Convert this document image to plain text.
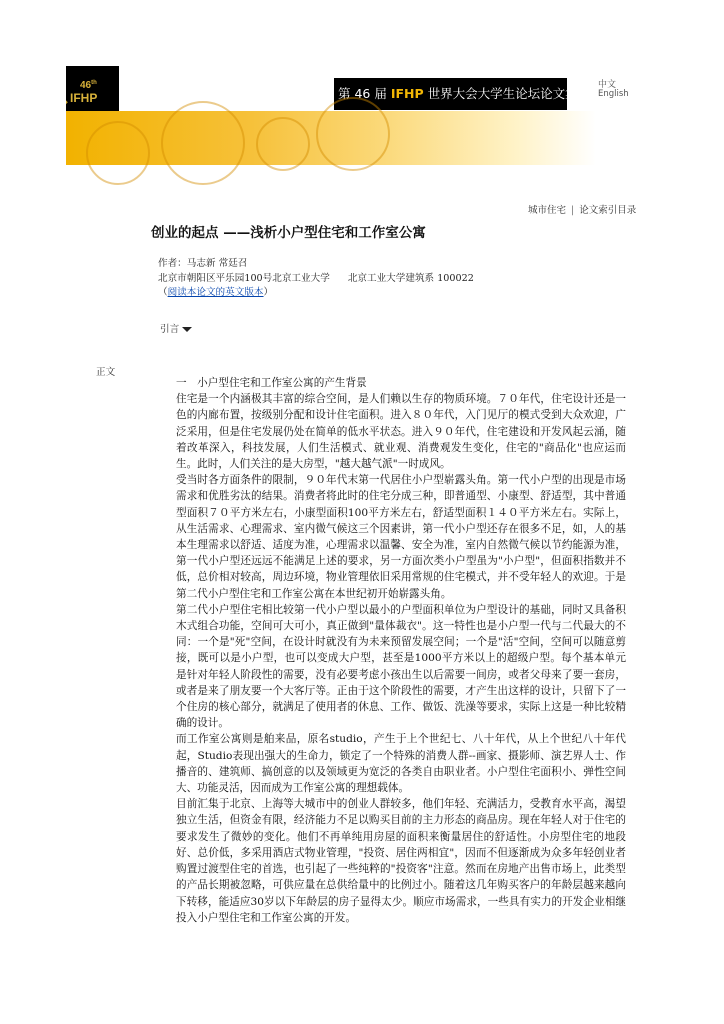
46th
IFHP	第 46 届 IFHP 世界大会大学生论坛论文集
中文
English
城市住宅 | 论文索引目录
创业的起点 ——浅析小户型住宅和工作室公寓
作者：马志新 常廷召
北京市朝阳区平乐园100号北京工业大学 北京工业大学建筑系 100022
（阅读本论文的英文版本）
引言
正文

一　小户型住宅和工作室公寓的产生背景

住宅是一个内涵极其丰富的综合空间，是人们赖以生存的物质环境。７０年代，住宅设计还是一色的内廊布置，按级别分配和设计住宅面积。进入８０年代，入门见厅的模式受到大众欢迎，广泛采用，但是住宅发展仍处在简单的低水平状态。进入９０年代，住宅建设和开发风起云涌，随着改革深入，科技发展，人们生活模式、就业观、消费观发生变化，住宅的"商品化"也应运而生。此时，人们关注的是大房型，"越大越气派"一时成风。

受当时各方面条件的限制，９０年代末第一代居住小户型崭露头角。第一代小户型的出现是市场需求和优胜劣汰的结果。消费者将此时的住宅分成三种，即普通型、小康型、舒适型，其中普通型面积７０平方米左右，小康型面积100平方米左右，舒适型面积１４０平方米左右。实际上，从生活需求、心理需求、室内微气候这三个因素讲，第一代小户型还存在很多不足，如，人的基本生理需求以舒适、适度为准，心理需求以温馨、安全为准，室内自然微气候以节约能源为准，第一代小户型还远远不能满足上述的要求，另一方面次类小户型虽为"小户型"，但面积指数并不低，总价相对较高，周边环境，物业管理依旧采用常规的住宅模式，并不受年轻人的欢迎。于是第二代小户型住宅和工作室公寓在本世纪初开始崭露头角。

第二代小户型住宅相比较第一代小户型以最小的户型面积单位为户型设计的基础，同时又具备积木式组合功能，空间可大可小，真正做到"量体裁衣"。这一特性也是小户型一代与二代最大的不同：一个是"死"空间，在设计时就没有为未来预留发展空间；一个是"活"空间，空间可以随意剪接，既可以是小户型，也可以变成大户型，甚至是1000平方米以上的超级户型。每个基本单元是针对年轻人阶段性的需要，没有必要考虑小孩出生以后需要一间房，或者父母来了要一套房，或者是来了朋友要一个大客厅等。正由于这个阶段性的需要，才产生出这样的设计，只留下了一个住房的核心部分，就满足了使用者的休息、工作、做饭、洗澡等要求，实际上这是一种比较精确的设计。

而工作室公寓则是舶来品，原名studio，产生于上个世纪七、八十年代，从上个世纪八十年代起，Studio表现出强大的生命力，锁定了一个特殊的消费人群--画家、摄影师、演艺界人士、作播音的、建筑师、搞创意的以及领域更为宽泛的各类自由职业者。小户型住宅面积小、弹性空间大、功能灵活，因而成为工作室公寓的理想载体。

目前汇集于北京、上海等大城市中的创业人群较多，他们年轻、充满活力，受教育水平高，渴望独立生活，但资金有限，经济能力不足以购买目前的主力形态的商品房。现在年轻人对于住宅的要求发生了微妙的变化。他们不再单纯用房屋的面积来衡量居住的舒适性。小房型住宅的地段好、总价低，多采用酒店式物业管理，"投资、居住两相宜"，因而不但逐渐成为众多年轻创业者购置过渡型住宅的首选，也引起了一些纯粹的"投资客"注意。然而在房地产出售市场上，此类型的产品长期被忽略，可供应量在总供给量中的比例过小。随着这几年购买客户的年龄层越来越向下转移，能适应30岁以下年龄层的房子显得太少。顺应市场需求，一些具有实力的开发企业相继投入小户型住宅和工作室公寓的开发。
